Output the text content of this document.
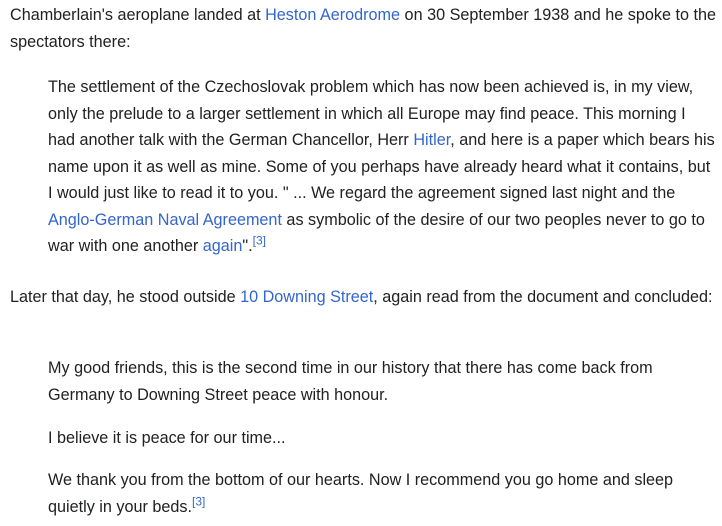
Chamberlain's aeroplane landed at Heston Aerodrome on 30 September 1938 and he spoke to the spectators there:

The settlement of the Czechoslovak problem which has now been achieved is, in my view, only the prelude to a larger settlement in which all Europe may find peace. This morning I had another talk with the German Chancellor, Herr Hitler, and here is a paper which bears his name upon it as well as mine. Some of you perhaps have already heard what it contains, but I would just like to read it to you. " ... We regard the agreement signed last night and the Anglo-German Naval Agreement as symbolic of the desire of our two peoples never to go to war with one another again".[3]

Later that day, he stood outside 10 Downing Street, again read from the document and concluded:

My good friends, this is the second time in our history that there has come back from Germany to Downing Street peace with honour.
I believe it is peace for our time...
We thank you from the bottom of our hearts. Now I recommend you go home and sleep quietly in your beds.[3]
